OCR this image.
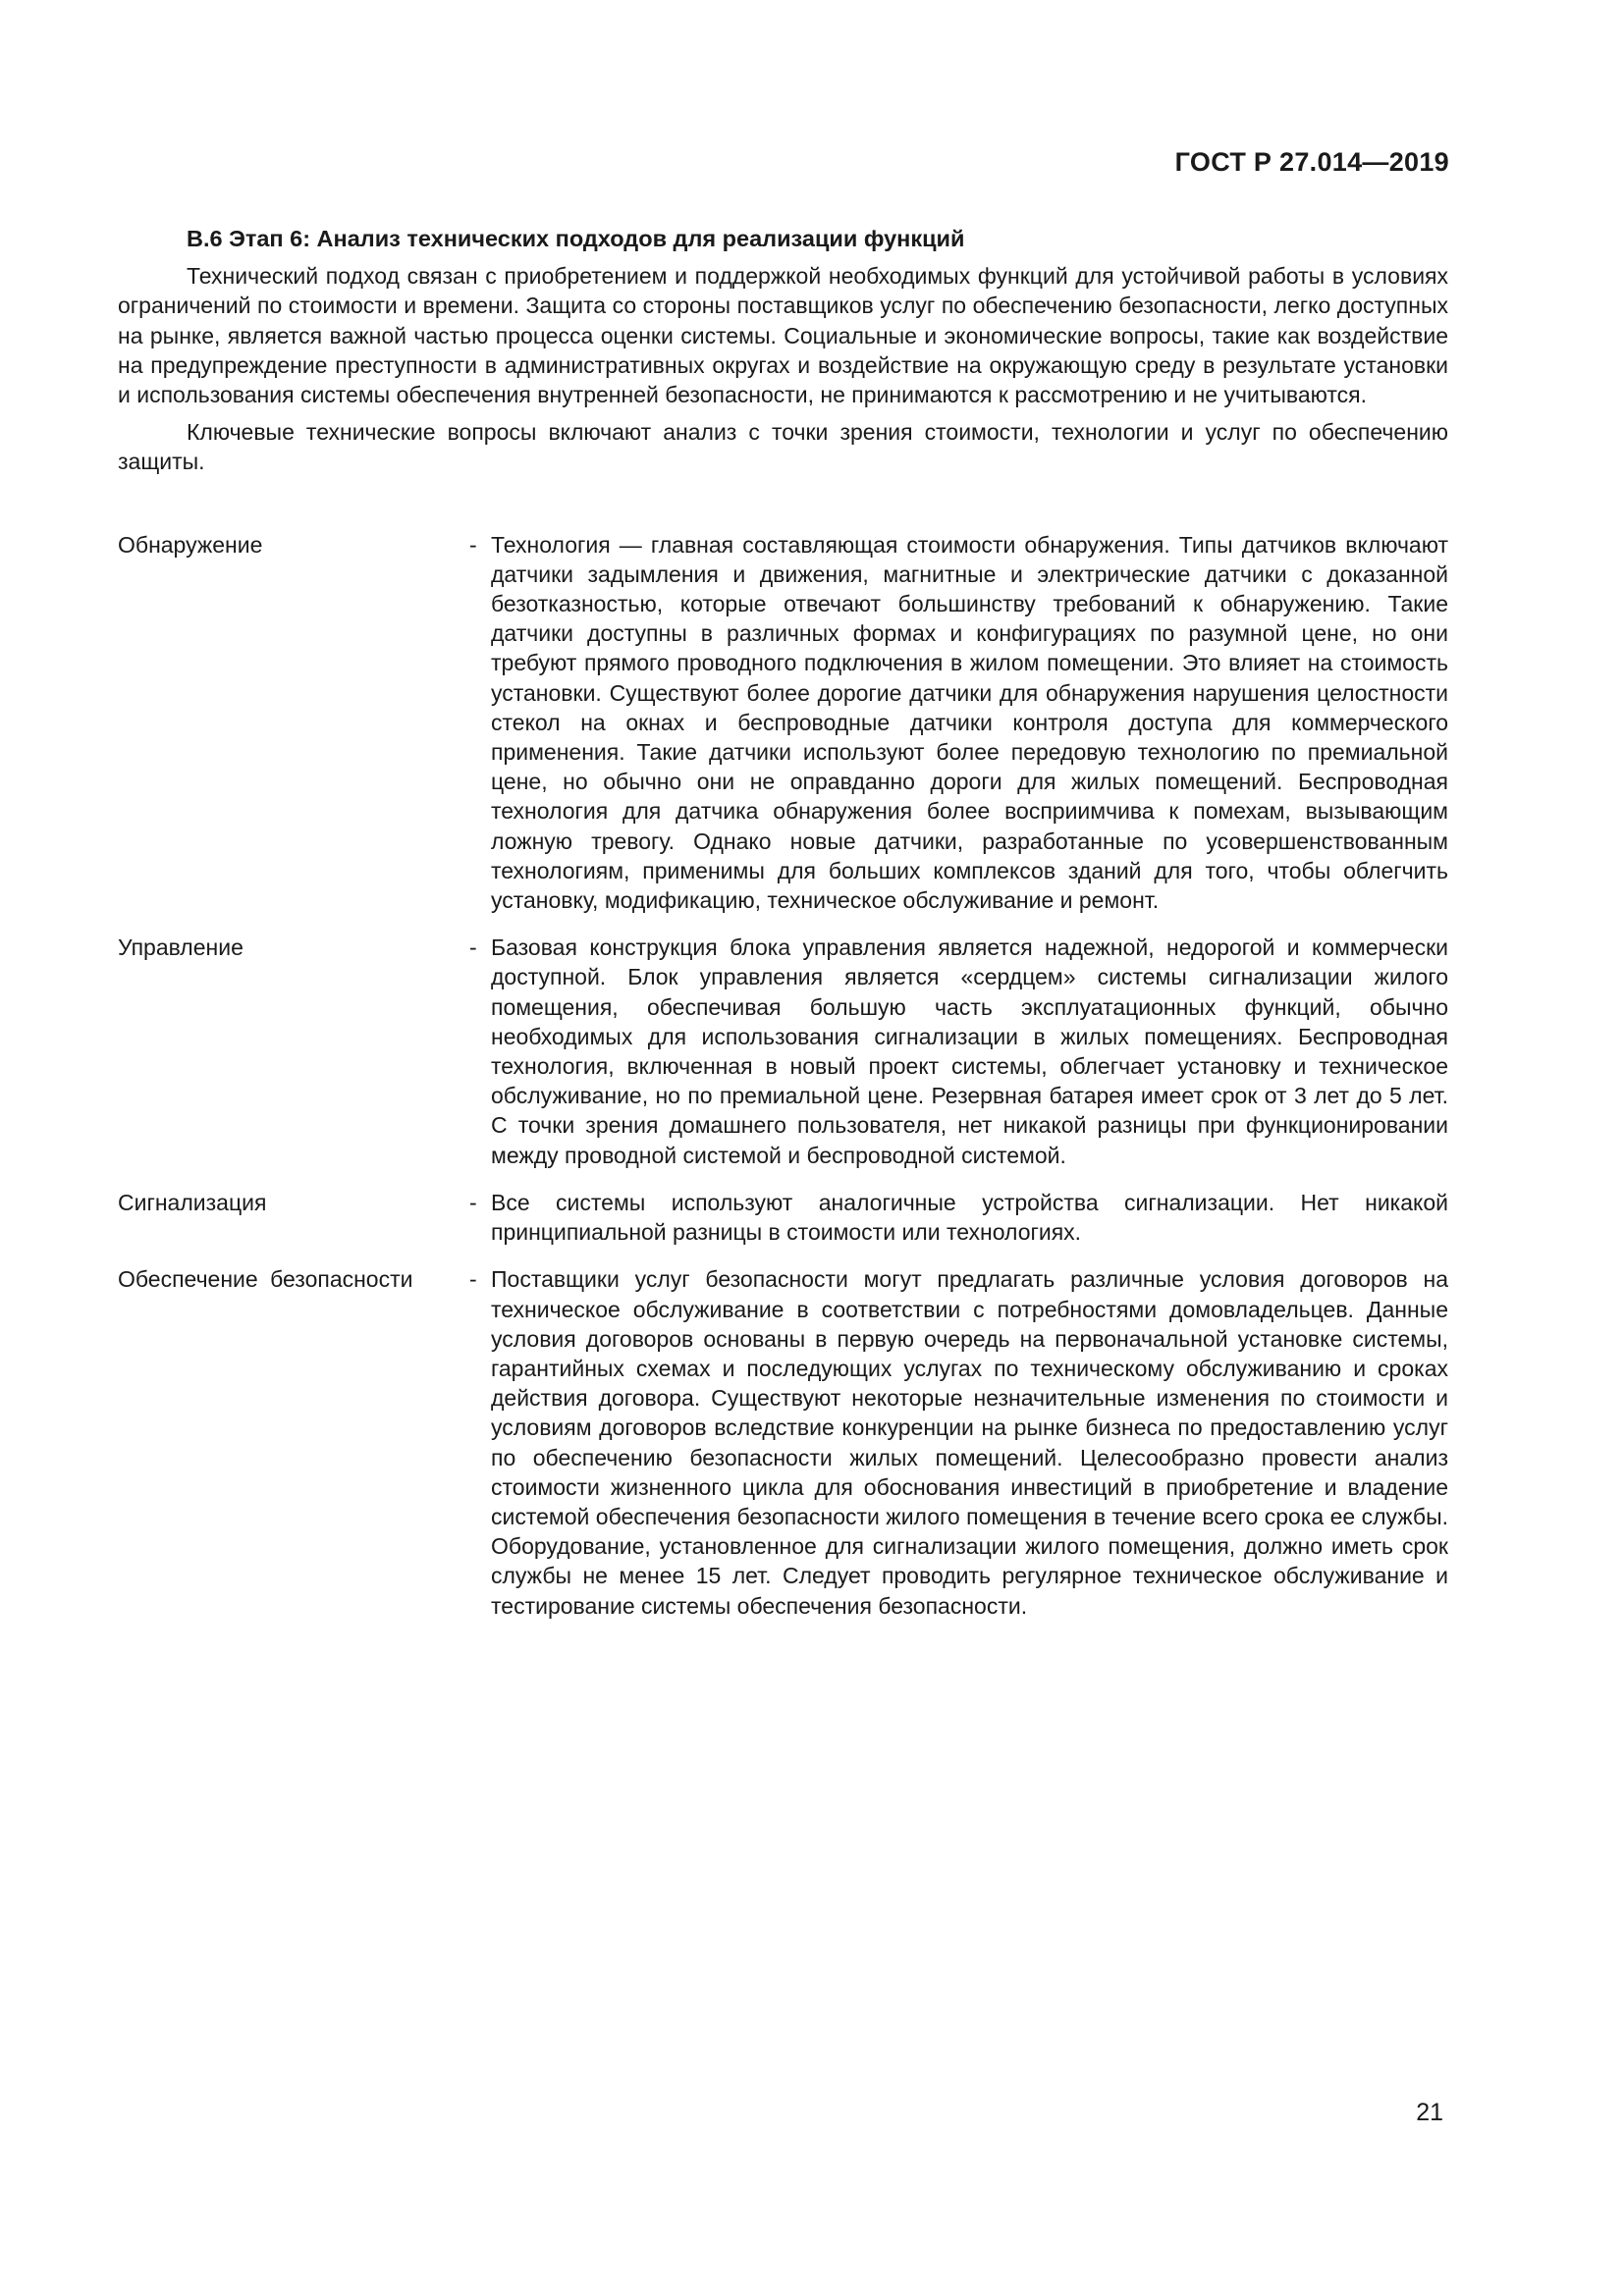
ГОСТ Р 27.014—2019
В.6 Этап 6: Анализ технических подходов для реализации функций

Технический подход связан с приобретением и поддержкой необходимых функций для устойчивой работы в условиях ограничений по стоимости и времени. Защита со стороны поставщиков услуг по обеспечению безопасности, легко доступных на рынке, является важной частью процесса оценки системы. Социальные и экономические вопросы, такие как воздействие на предупреждение преступности в административных округах и воздействие на окружающую среду в результате установки и использования системы обеспечения внутренней безопасности, не принимаются к рассмотрению и не учитываются.

Ключевые технические вопросы включают анализ с точки зрения стоимости, технологии и услуг по обеспечению защиты.

Обнаружение	- Технология — главная составляющая стоимости обнаружения. Типы датчиков включают датчики задымления и движения, магнитные и электрические датчики с доказанной безотказностью, которые отвечают большинству требований к обнаружению. Такие датчики доступны в различных формах и конфигурациях по разумной цене, но они требуют прямого проводного подключения в жилом помещении. Это влияет на стоимость установки. Существуют более дорогие датчики для обнаружения нарушения целостности стекол на окнах и беспроводные датчики контроля доступа для коммерческого применения. Такие датчики используют более передовую технологию по премиальной цене, но обычно они не оправданно дороги для жилых помещений. Беспроводная технология для датчика обнаружения более восприимчива к помехам, вызывающим ложную тревогу. Однако новые датчики, разработанные по усовершенствованным технологиям, применимы для больших комплексов зданий для того, чтобы облегчить установку, модификацию, техническое обслуживание и ремонт.
Управление	- Базовая конструкция блока управления является надежной, недорогой и коммерчески доступной. Блок управления является «сердцем» системы сигнализации жилого помещения, обеспечивая большую часть эксплуатационных функций, обычно необходимых для использования сигнализации в жилых помещениях. Беспроводная технология, включенная в новый проект системы, облегчает установку и техническое обслуживание, но по премиальной цене. Резервная батарея имеет срок от 3 лет до 5 лет. С точки зрения домашнего пользователя, нет никакой разницы при функционировании между проводной системой и беспроводной системой.
Сигнализация	- Все системы используют аналогичные устройства сигнализации. Нет никакой принципиальной разницы в стоимости или технологиях.
Обеспечение безопасности	- Поставщики услуг безопасности могут предлагать различные условия договоров на техническое обслуживание в соответствии с потребностями домовладельцев. Данные условия договоров основаны в первую очередь на первоначальной установке системы, гарантийных схемах и последующих услугах по техническому обслуживанию и сроках действия договора. Существуют некоторые незначительные изменения по стоимости и условиям договоров вследствие конкуренции на рынке бизнеса по предоставлению услуг по обеспечению безопасности жилых помещений. Целесообразно провести анализ стоимости жизненного цикла для обоснования инвестиций в приобретение и владение системой обеспечения безопасности жилого помещения в течение всего срока ее службы. Оборудование, установленное для сигнализации жилого помещения, должно иметь срок службы не менее 15 лет. Следует проводить регулярное техническое обслуживание и тестирование системы обеспечения безопасности.
21
